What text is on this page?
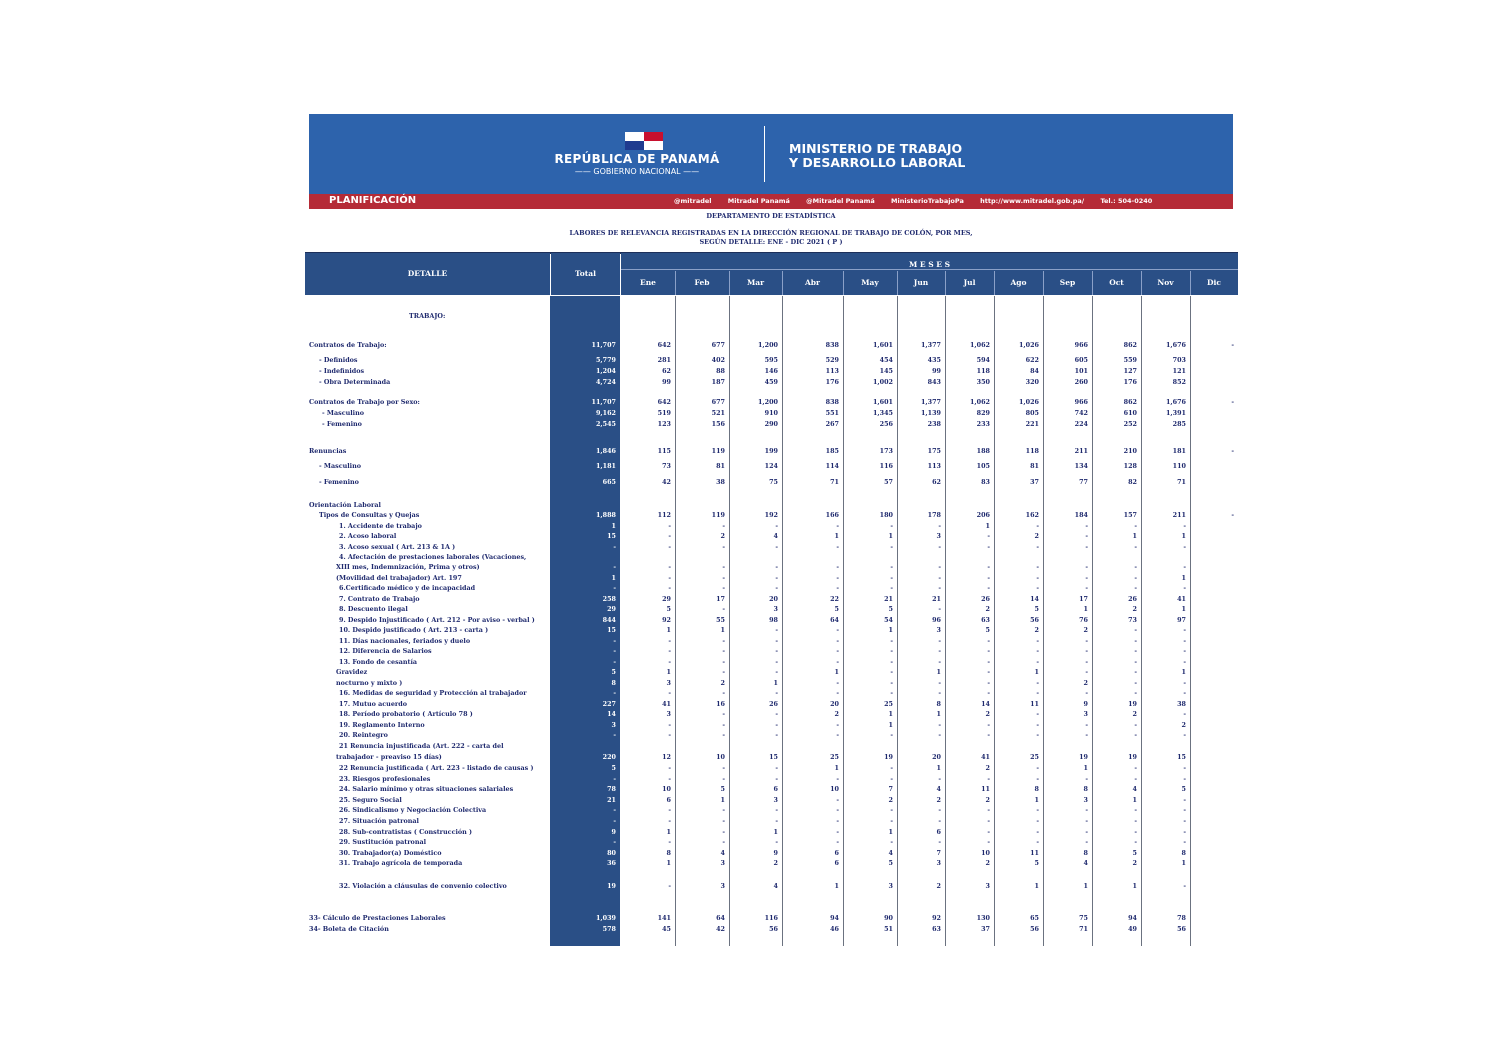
REPÚBLICA DE PANAMÁ
—— GOBIERNO NACIONAL ——
MINISTERIO DE TRABAJO
Y DESARROLLO LABORAL
PLANIFICACIÓN	@mitradel	Mitradel Panamá	@Mitradel Panamá	MinisterioTrabajoPa	http://www.mitradel.gob.pa/	Tel.: 504-0240
DEPARTAMENTO DE ESTADÍSTICA
LABORES DE RELEVANCIA REGISTRADAS EN LA DIRECCIÓN REGIONAL DE TRABAJO DE COLÓN, POR MES,
SEGÚN DETALLE: ENE - DIC 2021 ( P )
DETALLE	Total
M E S E S
Ene	Feb	Mar	Abr	May	Jun	Jul	Ago	Sep	Oct	Nov	Dic
TRABAJO:
Contratos de Trabajo:	11,707	642	677	1,200	838	1,601	1,377	1,062	1,026	966	862	1,676	-
- Definidos	5,779	281	402	595	529	454	435	594	622	605	559	703
- Indefinidos	1,204	62	88	146	113	145	99	118	84	101	127	121
- Obra Determinada	4,724	99	187	459	176	1,002	843	350	320	260	176	852
Contratos de Trabajo por Sexo:	11,707	642	677	1,200	838	1,601	1,377	1,062	1,026	966	862	1,676	-
- Masculino	9,162	519	521	910	551	1,345	1,139	829	805	742	610	1,391
- Femenino	2,545	123	156	290	267	256	238	233	221	224	252	285
Renuncias	1,846	115	119	199	185	173	175	188	118	211	210	181	-
- Masculino	1,181	73	81	124	114	116	113	105	81	134	128	110
- Femenino	665	42	38	75	71	57	62	83	37	77	82	71
Orientación Laboral
Tipos de Consultas y Quejas	1,888	112	119	192	166	180	178	206	162	184	157	211	-
1. Accidente de trabajo	1	-	-	-	-	-	-	1	-	-	-	-
2. Acoso laboral	15	-	2	4	1	1	3	-	2	-	1	1
3. Acoso sexual ( Art. 213 & 1A )	-	-	-	-	-	-	-	-	-	-	-	-
4. Afectación de prestaciones laborales (Vacaciones,
XIII mes, Indemnización, Prima y otros)	-	-	-	-	-	-	-	-	-	-	-	-
(Movilidad del trabajador) Art. 197	1	-	-	-	-	-	-	-	-	-	-	1
6.Certificado médico y de incapacidad	-	-	-	-	-	-	-	-	-	-	-	-
7. Contrato de Trabajo	258	29	17	20	22	21	21	26	14	17	26	41
8. Descuento ilegal	29	5	-	3	5	5	-	2	5	1	2	1
9. Despido Injustificado ( Art. 212 - Por aviso - verbal )	844	92	55	98	64	54	96	63	56	76	73	97
10. Despido justificado ( Art. 213 - carta )	15	1	1	-	-	1	3	5	2	2	-	-
11. Días nacionales, feriados y duelo	-	-	-	-	-	-	-	-	-	-	-	-
12. Diferencia de Salarios	-	-	-	-	-	-	-	-	-	-	-	-
13. Fondo de cesantía	-	-	-	-	-	-	-	-	-	-	-	-
Gravidez	5	1	-	-	1	-	1	-	1	-	-	1
nocturno y mixto )	8	3	2	1	-	-	-	-	-	2	-	-
16. Medidas de seguridad y Protección al trabajador	-	-	-	-	-	-	-	-	-	-	-	-
17. Mutuo acuerdo	227	41	16	26	20	25	8	14	11	9	19	38
18. Período probatorio ( Artículo 78 )	14	3	-	-	2	1	1	2	-	3	2	-
19. Reglamento Interno	3	-	-	-	-	1	-	-	-	-	-	2
20. Reintegro	-	-	-	-	-	-	-	-	-	-	-	-
21 Renuncia injustificada (Art. 222 - carta del
trabajador - preaviso 15 días)	220	12	10	15	25	19	20	41	25	19	19	15
22 Renuncia justificada ( Art. 223 - listado de causas )	5	-	-	-	1	-	1	2	-	1	-	-
23. Riesgos profesionales	-	-	-	-	-	-	-	-	-	-	-	-
24. Salario mínimo y otras situaciones salariales	78	10	5	6	10	7	4	11	8	8	4	5
25. Seguro Social	21	6	1	3	-	2	2	2	1	3	1	-
26. Sindicalismo y Negociación Colectiva	-	-	-	-	-	-	-	-	-	-	-	-
27. Situación patronal	-	-	-	-	-	-	-	-	-	-	-	-
28. Sub-contratistas ( Construcción )	9	1	-	1	-	1	6	-	-	-	-	-
29. Sustitución patronal	-	-	-	-	-	-	-	-	-	-	-	-
30. Trabajador(a) Doméstico	80	8	4	9	6	4	7	10	11	8	5	8
31. Trabajo agrícola de temporada	36	1	3	2	6	5	3	2	5	4	2	1
32. Violación a cláusulas de convenio colectivo	19	-	3	4	1	3	2	3	1	1	1	-
33- Cálculo de Prestaciones Laborales	1,039	141	64	116	94	90	92	130	65	75	94	78
34- Boleta de Citación	578	45	42	56	46	51	63	37	56	71	49	56
